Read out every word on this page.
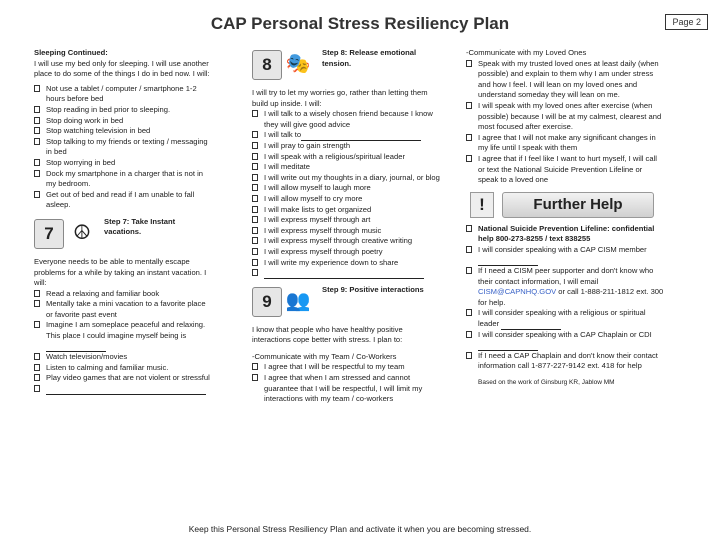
CAP Personal Stress Resiliency Plan	Page 2
Sleeping Continued:
I will use my bed only for sleeping. I will use another place to do some of the things I do in bed now. I will:
Not use a tablet / computer / smartphone 1-2 hours before bed
Stop reading in bed prior to sleeping.
Stop doing work in bed
Stop watching television in bed
Stop talking to my friends or texting / messaging in bed
Stop worrying in bed
Dock my smartphone in a charger that is not in my bedroom.
Get out of bed and read if I am unable to fall asleep.
7 ☮
Step 7: Take Instant vacations.
Everyone needs to be able to mentally escape problems for a while by taking an instant vacation. I will:
Read a relaxing and familiar book
Mentally take a mini vacation to a favorite place or favorite past event
Imagine I am someplace peaceful and relaxing. This place I could imagine myself being is
Watch television/movies
Listen to calming and familiar music.
Play video games that are not violent or stressful
8 🎭
Step 8: Release emotional tension.
I will try to let my worries go, rather than letting them build up inside. I will:
I will talk to a wisely chosen friend because I know they will give good advice
I will talk to
I will pray to gain strength
I will speak with a religious/spiritual leader
I will meditate
I will write out my thoughts in a diary, journal, or blog
I will allow myself to laugh more
I will allow myself to cry more
I will make lists to get organized
I will express myself through art
I will express myself through music
I will express myself through creative writing
I will express myself through poetry
I will write my experience down to share
9 👥
Step 9: Positive interactions
I know that people who have healthy positive interactions cope better with stress. I plan to:
-Communicate with my Team / Co-Workers
I agree that I will be respectful to my team
I agree that when I am stressed and cannot guarantee that I will be respectful, I will limit my interactions with my team / co-workers
-Communicate with my Loved Ones
Speak with my trusted loved ones at least daily (when possible) and explain to them why I am under stress and how I feel. I will lean on my loved ones and understand someday they will lean on me.
I will speak with my loved ones after exercise (when possible) because I will be at my calmest, clearest and most focused after exercise.
I agree that I will not make any significant changes in my life until I speak with them
I agree that if I feel like I want to hurt myself, I will call or text the National Suicide Prevention Lifeline or speak to a loved one
!	Further Help
National Suicide Prevention Lifeline: confidential help 800-273-8255 / text 838255
I will consider speaking with a CAP CISM member
If I need a CISM peer supporter and don't know who their contact information, I will email CISM@CAPNHQ.GOV or call 1-888-211-1812 ext. 300 for help.
I will consider speaking with a religious or spiritual leader
I will consider speaking with a CAP Chaplain or CDI
If I need a CAP Chaplain and don't know their contact information call 1-877-227-9142 ext. 418 for help
Based on the work of Ginsburg KR, Jablow MM
Keep this Personal Stress Resiliency Plan and activate it when you are becoming stressed.
